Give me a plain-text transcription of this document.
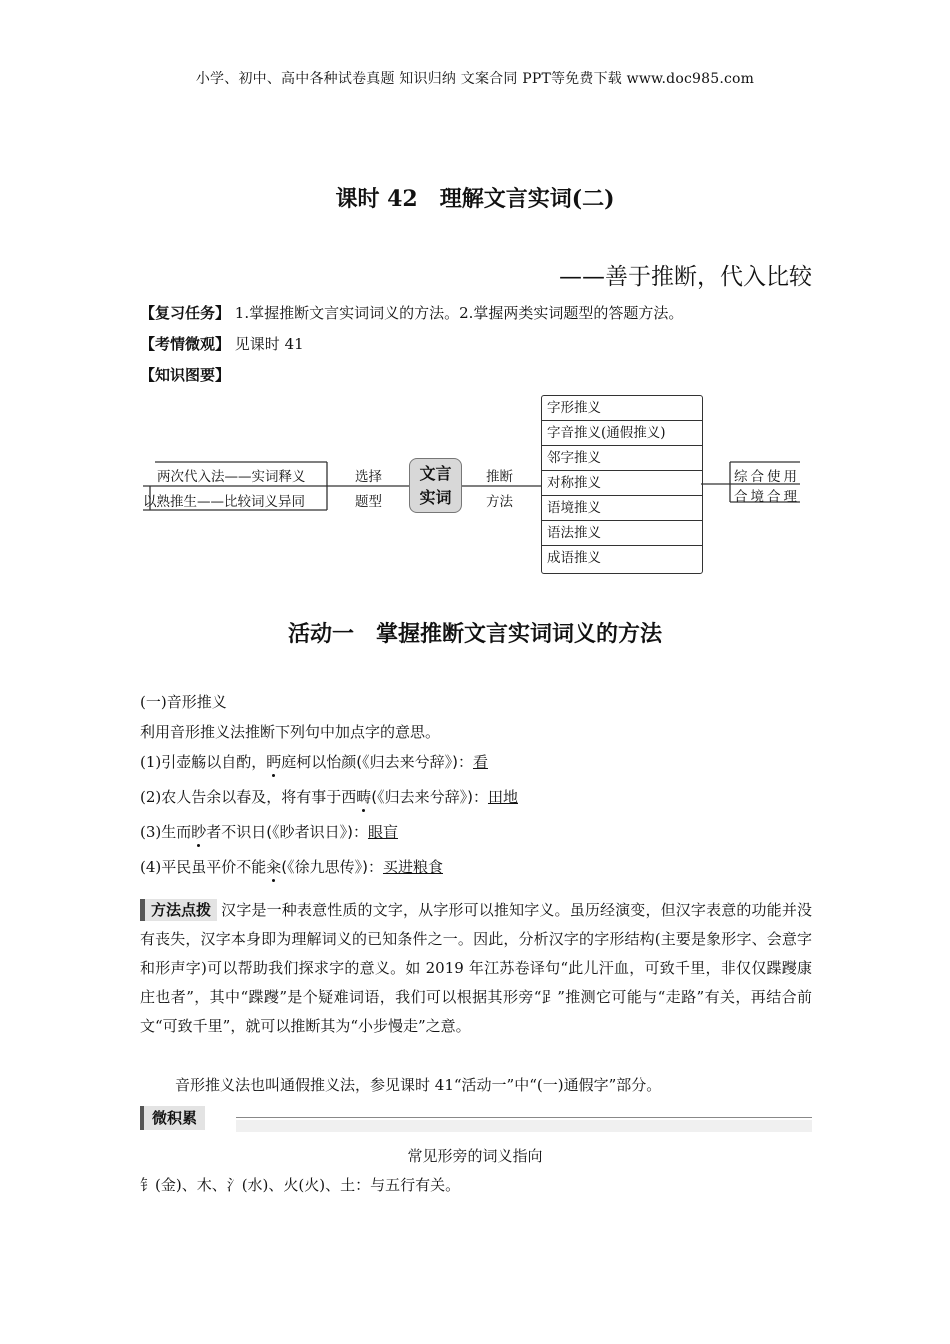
小学、初中、高中各种试卷真题 知识归纳 文案合同 PPT等免费下载 www.doc985.com
课时 42　理解文言实词(二)
——善于推断，代入比较
【复习任务】 1.掌握推断文言实词词义的方法。2.掌握两类实词题型的答题方法。
【考情微观】 见课时 41
【知识图要】
两次代入法——实词释义
以熟推生——比较词义异同
选择
题型
文言
实词
推断
方法
字形推义
字音推义(通假推义)
邻字推义
对称推义
语境推义
语法推义
成语推义
综合使用
合境合理
活动一　掌握推断文言实词词义的方法
(一)音形推义
利用音形推义法推断下列句中加点字的意思。
(1)引壶觞以自酌，眄庭柯以怡颜(《归去来兮辞》)：看
(2)农人告余以春及，将有事于西畴(《归去来兮辞》)：田地
(3)生而眇者不识日(《眇者识日》)：眼盲
(4)平民虽平价不能籴(《徐九思传》)：买进粮食
方法点拨 汉字是一种表意性质的文字，从字形可以推知字义。虽历经演变，但汉字表意的功能并没有丧失，汉字本身即为理解词义的已知条件之一。因此，分析汉字的字形结构(主要是象形字、会意字和形声字)可以帮助我们探求字的意义。如 2019 年江苏卷译句“此儿汗血，可致千里，非仅仅蹀躞康庄也者”，其中“蹀躞”是个疑难词语，我们可以根据其形旁“𧾷”推测它可能与“走路”有关，再结合前文“可致千里”，就可以推断其为“小步慢走”之意。
音形推义法也叫通假推义法，参见课时 41“活动一”中“(一)通假字”部分。
微积累
常见形旁的词义指向
钅(金)、木、氵(水)、火(火)、土：与五行有关。
